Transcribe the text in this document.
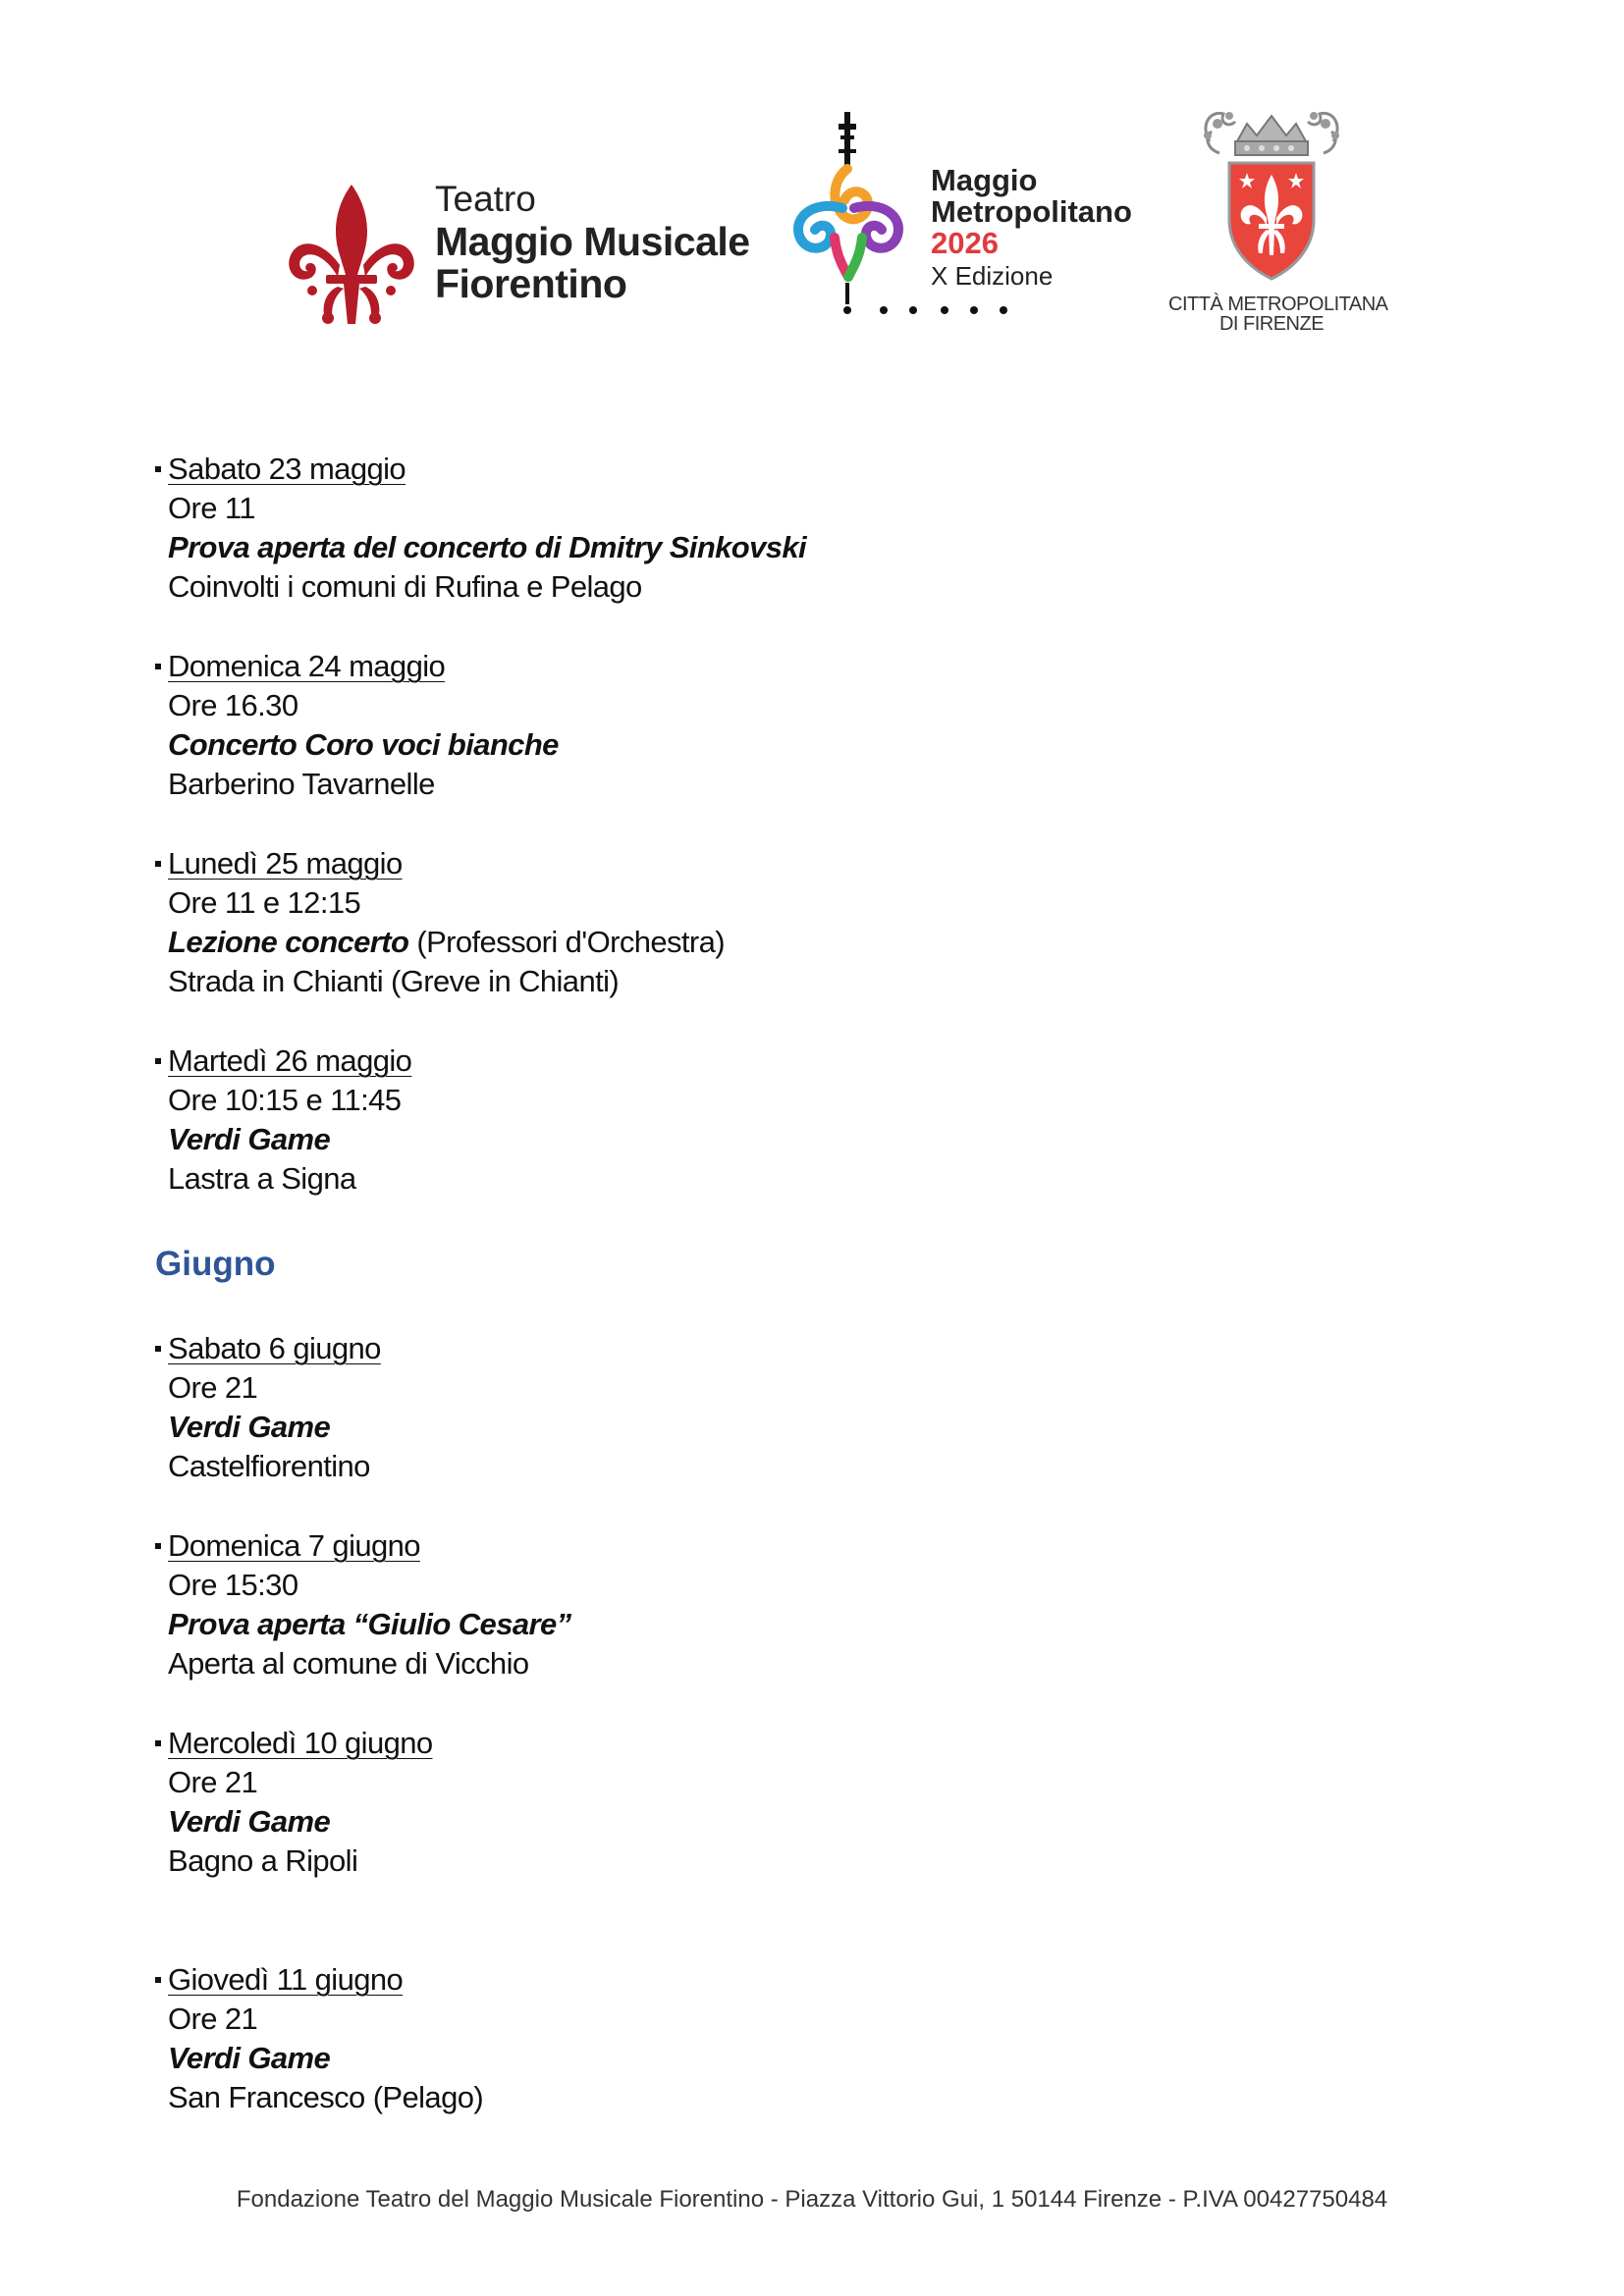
Teatro
Maggio Musicale
Fiorentino
Maggio
Metropolitano
2026
X Edizione
CITTÀ METROPOLITANA
DI FIRENZE
Sabato 23 maggio
Ore 11
Prova aperta del concerto di Dmitry Sinkovski
Coinvolti i comuni di Rufina e Pelago
Domenica 24 maggio
Ore 16.30
Concerto Coro voci bianche
Barberino Tavarnelle
Lunedì 25 maggio
Ore 11 e 12:15
Lezione concerto (Professori d'Orchestra)
Strada in Chianti (Greve in Chianti)
Martedì 26 maggio
Ore 10:15 e 11:45
Verdi Game
Lastra a Signa
Giugno
Sabato 6 giugno
Ore 21
Verdi Game
Castelfiorentino
Domenica 7 giugno
Ore 15:30
Prova aperta “Giulio Cesare”
Aperta al comune di Vicchio
Mercoledì 10 giugno
Ore 21
Verdi Game
Bagno a Ripoli
Giovedì 11 giugno
Ore 21
Verdi Game
San Francesco (Pelago)
Fondazione Teatro del Maggio Musicale Fiorentino - Piazza Vittorio Gui, 1 50144 Firenze - P.IVA 00427750484
